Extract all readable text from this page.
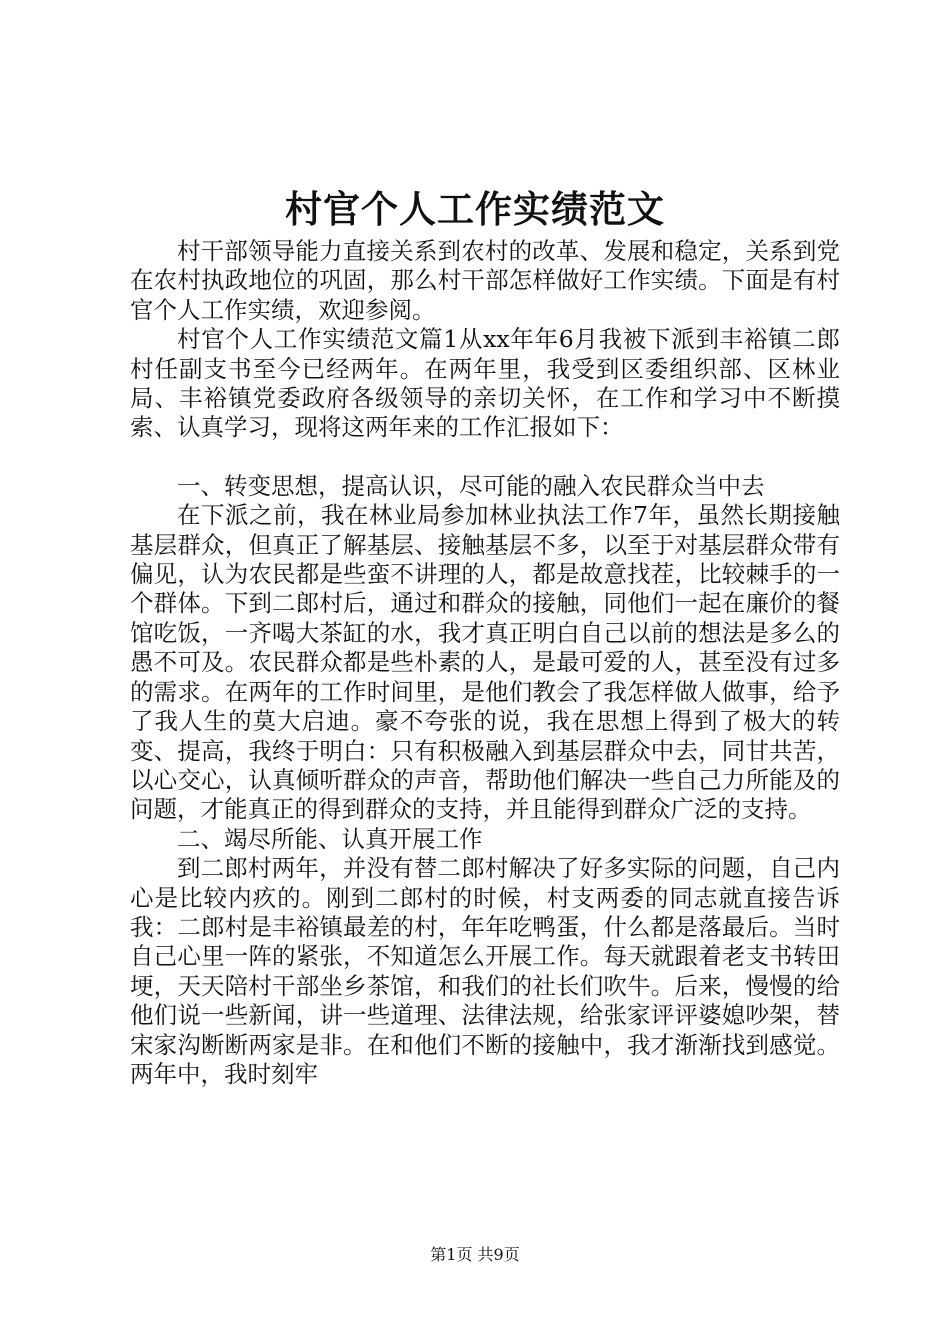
村官个人工作实绩范文

村干部领导能力直接关系到农村的改革、发展和稳定，关系到党在农村执政地位的巩固，那么村干部怎样做好工作实绩。下面是有村官个人工作实绩，欢迎参阅。

村官个人工作实绩范文篇1从xx年年6月我被下派到丰裕镇二郎村任副支书至今已经两年。在两年里，我受到区委组织部、区林业局、丰裕镇党委政府各级领导的亲切关怀，在工作和学习中不断摸索、认真学习，现将这两年来的工作汇报如下：

一、转变思想，提高认识，尽可能的融入农民群众当中去

在下派之前，我在林业局参加林业执法工作7年，虽然长期接触基层群众，但真正了解基层、接触基层不多，以至于对基层群众带有偏见，认为农民都是些蛮不讲理的人，都是故意找茬，比较棘手的一个群体。下到二郎村后，通过和群众的接触，同他们一起在廉价的餐馆吃饭，一齐喝大茶缸的水，我才真正明白自己以前的想法是多么的愚不可及。农民群众都是些朴素的人，是最可爱的人，甚至没有过多的需求。在两年的工作时间里，是他们教会了我怎样做人做事，给予了我人生的莫大启迪。豪不夸张的说，我在思想上得到了极大的转变、提高，我终于明白：只有积极融入到基层群众中去，同甘共苦，以心交心，认真倾听群众的声音，帮助他们解决一些自己力所能及的问题，才能真正的得到群众的支持，并且能得到群众广泛的支持。

二、竭尽所能、认真开展工作

到二郎村两年，并没有替二郎村解决了好多实际的问题，自己内心是比较内疚的。刚到二郎村的时候，村支两委的同志就直接告诉我：二郎村是丰裕镇最差的村，年年吃鸭蛋，什么都是落最后。当时自己心里一阵的紧张，不知道怎么开展工作。每天就跟着老支书转田埂，天天陪村干部坐乡茶馆，和我们的社长们吹牛。后来，慢慢的给他们说一些新闻，讲一些道理、法律法规，给张家评评婆媳吵架，替宋家沟断断两家是非。在和他们不断的接触中，我才渐渐找到感觉。两年中，我时刻牢

第1页 共9页
